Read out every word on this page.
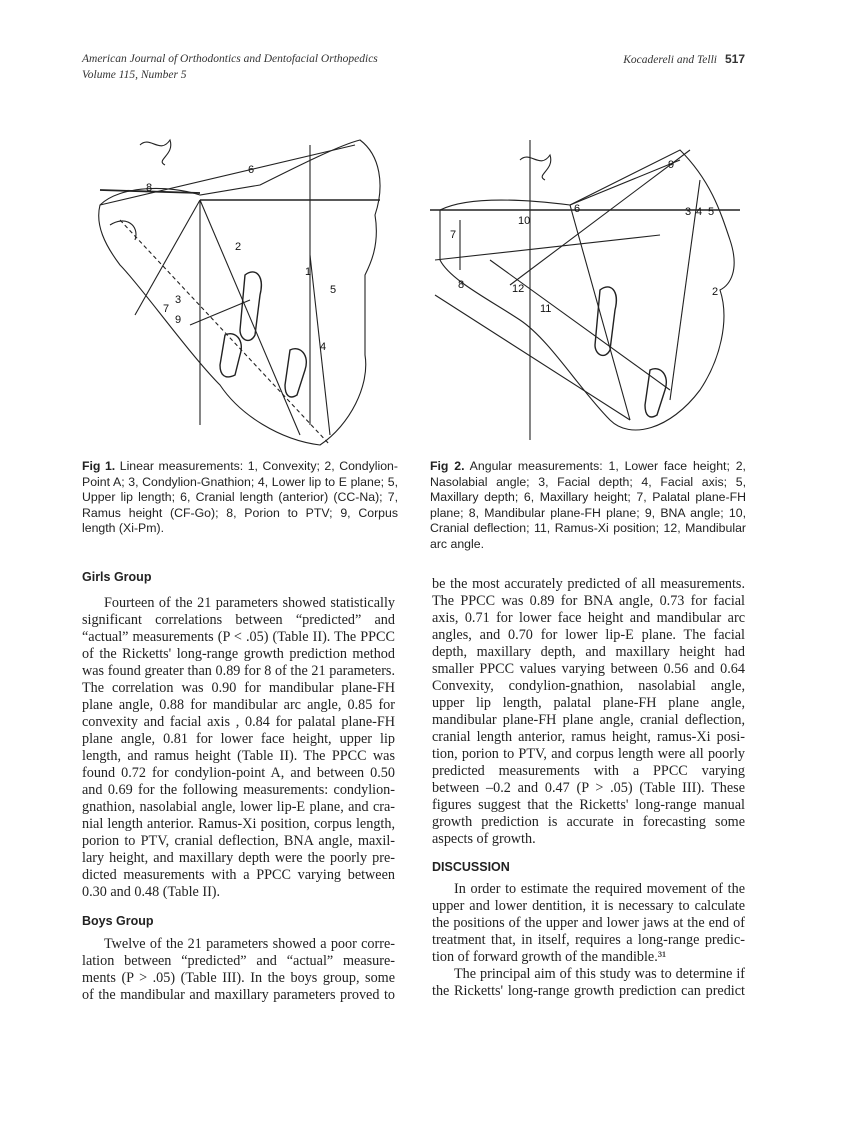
American Journal of Orthodontics and Dentofacial Orthopedics
Volume 115, Number 5
Kocadereli and Telli 517
7
8
6
2
1
5
4
3
9
9
6	3 4 5
10
7
8	12
11
2
Fig 1. Linear measurements: 1, Convexity; 2, Condylion-Point A; 3, Condylion-Gnathion; 4, Lower lip to E plane; 5, Upper lip length; 6, Cranial length (anterior) (CC-Na); 7, Ramus height (CF-Go); 8, Porion to PTV; 9, Corpus length (Xi-Pm).
Fig 2. Angular measurements: 1, Lower face height; 2, Nasolabial angle; 3, Facial depth; 4, Facial axis; 5, Maxillary depth; 6, Maxillary height; 7, Palatal plane-FH plane; 8, Mandibular plane-FH plane; 9, BNA angle; 10, Cranial deflection; 11, Ramus-Xi position; 12, Mandibular arc angle.
Girls Group
Fourteen of the 21 parameters showed statistically
significant correlations between “predicted” and
“actual” measurements (P < .05) (Table II). The PPCC
of the Ricketts' long-range growth prediction method
was found greater than 0.89 for 8 of the 21 parameters.
The correlation was 0.90 for mandibular plane-FH
plane angle, 0.88 for mandibular arc angle, 0.85 for
convexity and facial axis , 0.84 for palatal plane-FH
plane angle, 0.81 for lower face height, upper lip
length, and ramus height (Table II). The PPCC was
found 0.72 for condylion-point A, and between 0.50
and 0.69 for the following measurements: condylion-
gnathion, nasolabial angle, lower lip-E plane, and cra-
nial length anterior. Ramus-Xi position, corpus length,
porion to PTV, cranial deflection, BNA angle, maxil-
lary height, and maxillary depth were the poorly pre-
dicted measurements with a PPCC varying between
0.30 and 0.48 (Table II).
Boys Group
Twelve of the 21 parameters showed a poor corre-
lation between “predicted” and “actual” measure-
ments (P > .05) (Table III). In the boys group, some
of the mandibular and maxillary parameters proved to
be the most accurately predicted of all measurements.
The PPCC was 0.89 for BNA angle, 0.73 for facial
axis, 0.71 for lower face height and mandibular arc
angles, and 0.70 for lower lip-E plane. The facial
depth, maxillary depth, and maxillary height had
smaller PPCC values varying between 0.56 and 0.64
Convexity, condylion-gnathion, nasolabial angle,
upper lip length, palatal plane-FH plane angle,
mandibular plane-FH plane angle, cranial deflection,
cranial length anterior, ramus height, ramus-Xi posi-
tion, porion to PTV, and corpus length were all poorly
predicted measurements with a PPCC varying
between –0.2 and 0.47 (P > .05) (Table III). These
figures suggest that the Ricketts' long-range manual
growth prediction is accurate in forecasting some
aspects of growth.
DISCUSSION
In order to estimate the required movement of the
upper and lower dentition, it is necessary to calculate
the positions of the upper and lower jaws at the end of
treatment that, in itself, requires a long-range predic-
tion of forward growth of the mandible.³¹
The principal aim of this study was to determine if
the Ricketts' long-range growth prediction can predict
